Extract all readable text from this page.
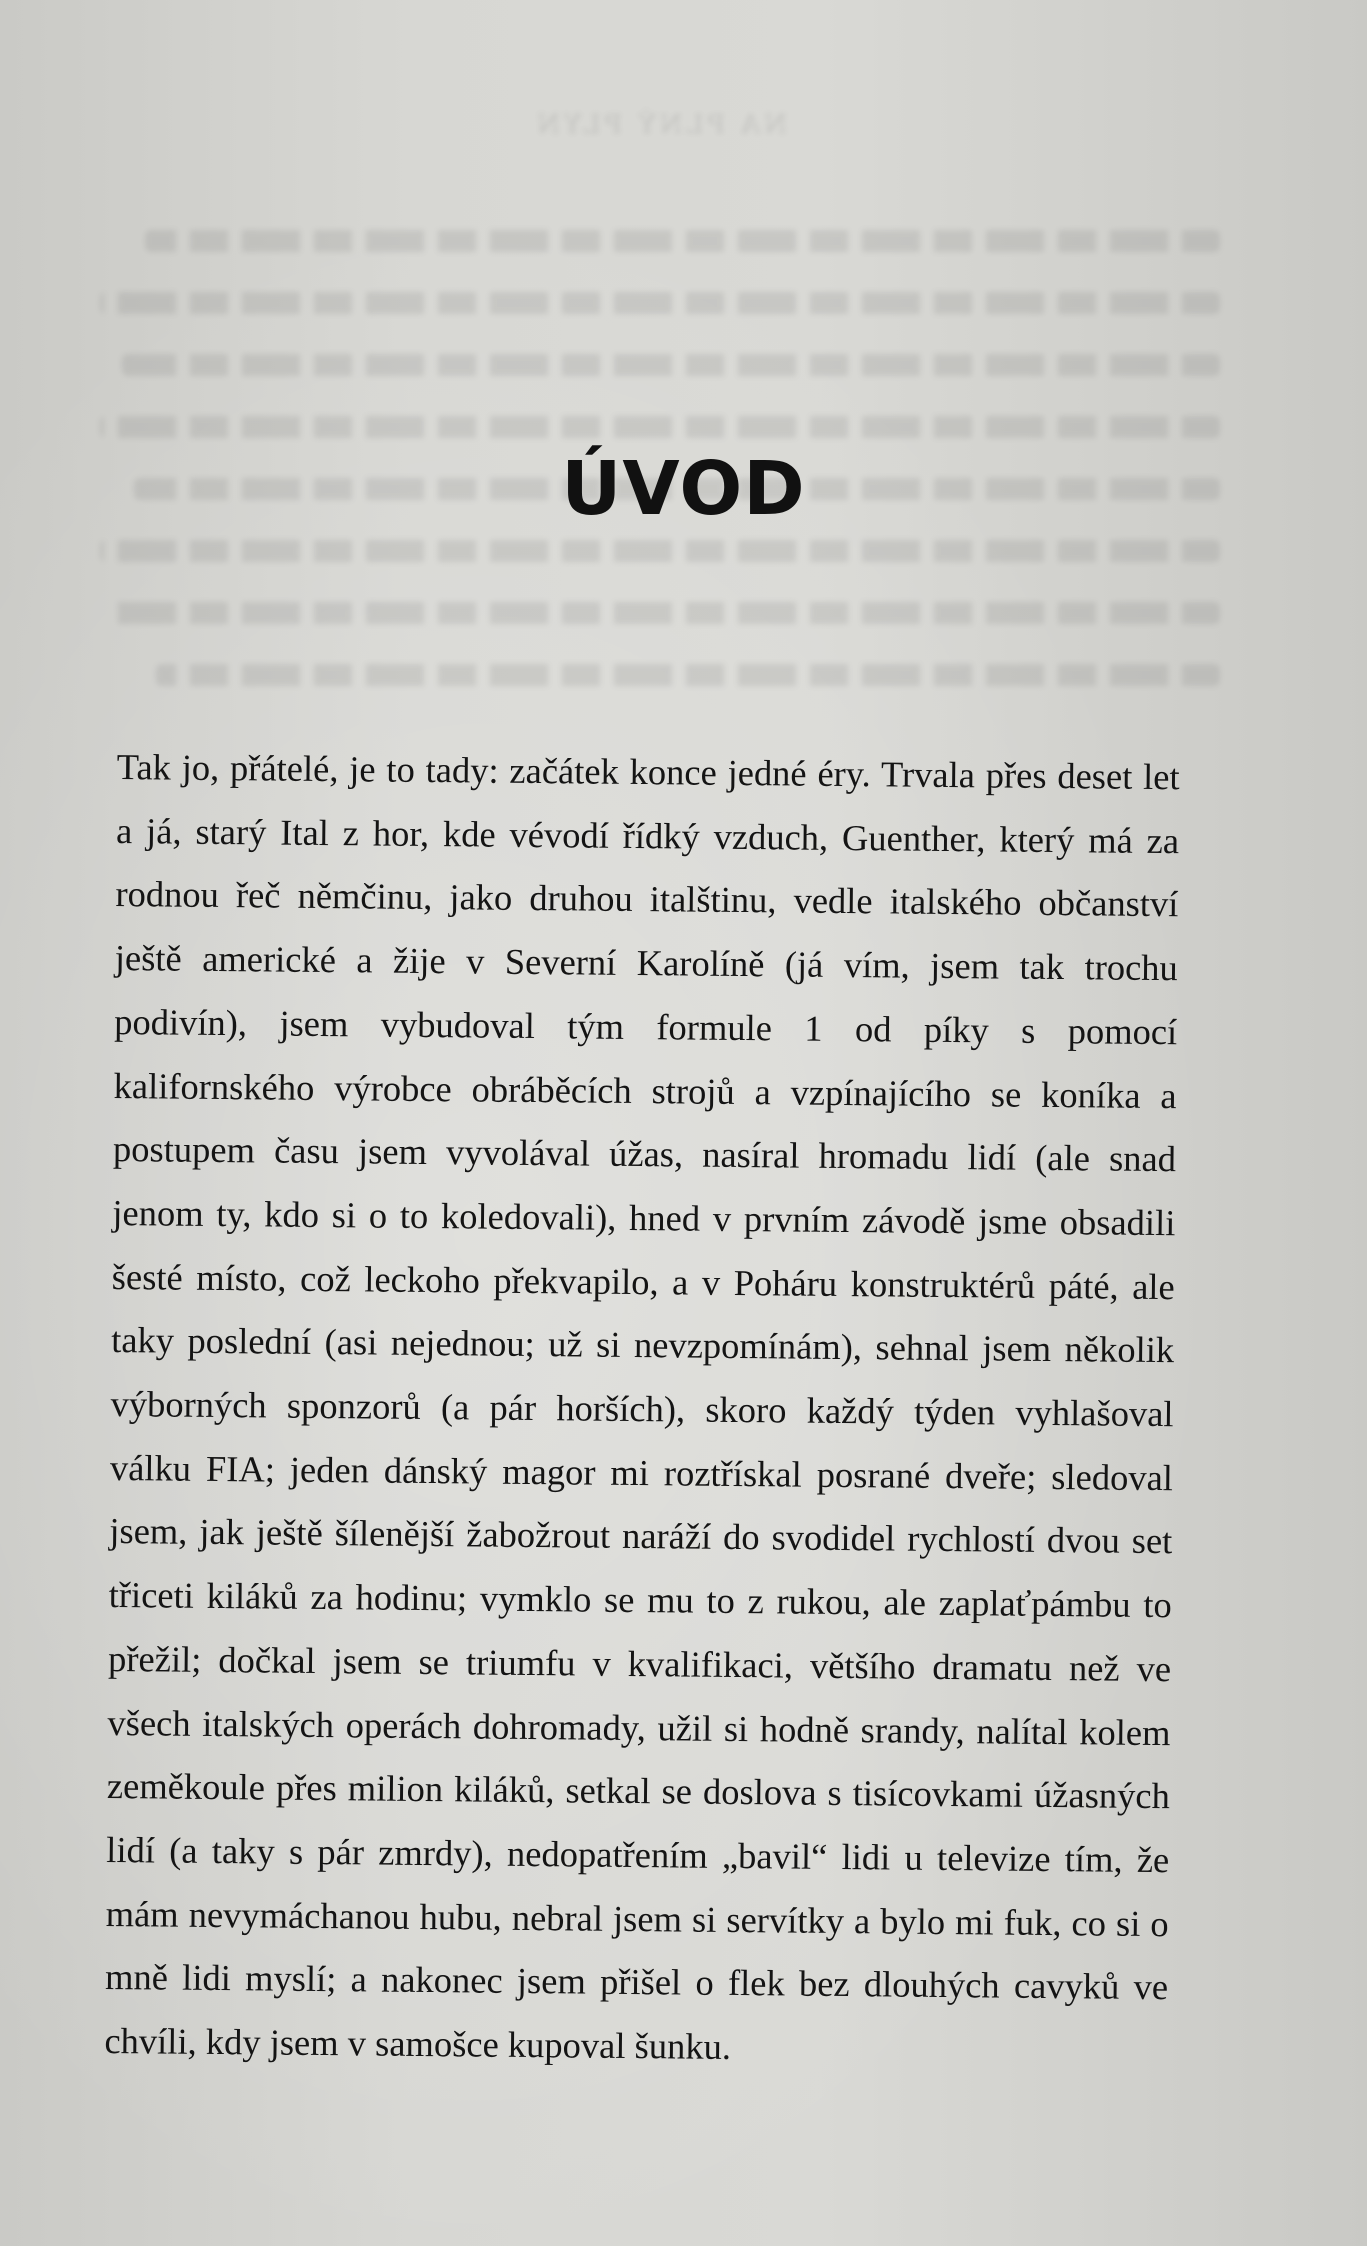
NA PLNÝ PLYN
ÚVOD

Tak jo, přátelé, je to tady: začátek konce jedné éry. Trvala přes deset let a já, starý Ital z hor, kde vévodí řídký vzduch, Guenther, který má za rodnou řeč němčinu, jako druhou italštinu, vedle italského občanství ještě americké a žije v Severní Karolíně (já vím, jsem tak trochu podivín), jsem vybudoval tým formule 1 od píky s pomocí kalifornského výrobce obráběcích strojů a vzpínajícího se koníka a postupem času jsem vyvolával úžas, nasíral hromadu lidí (ale snad jenom ty, kdo si o to koledovali), hned v prvním závodě jsme obsadili šesté místo, což leckoho překvapilo, a v Poháru konstruktérů páté, ale taky poslední (asi nejednou; už si nevzpomínám), sehnal jsem několik výborných sponzorů (a pár horších), skoro každý týden vyhlašoval válku FIA; jeden dánský magor mi roztřískal posrané dveře; sledoval jsem, jak ještě šílenější žabožrout naráží do svodidel rychlostí dvou set třiceti kiláků za hodinu; vymklo se mu to z rukou, ale zaplaťpámbu to přežil; dočkal jsem se triumfu v kvalifikaci, většího dramatu než ve všech italských operách dohromady, užil si hodně srandy, nalítal kolem zeměkoule přes milion kiláků, setkal se doslova s tisícovkami úžasných lidí (a taky s pár zmrdy), nedopatřením „bavil“ lidi u televize tím, že mám nevymáchanou hubu, nebral jsem si servítky a bylo mi fuk, co si o mně lidi myslí; a nakonec jsem přišel o flek bez dlouhých cavyků ve chvíli, kdy jsem v samošce kupoval šunku.
